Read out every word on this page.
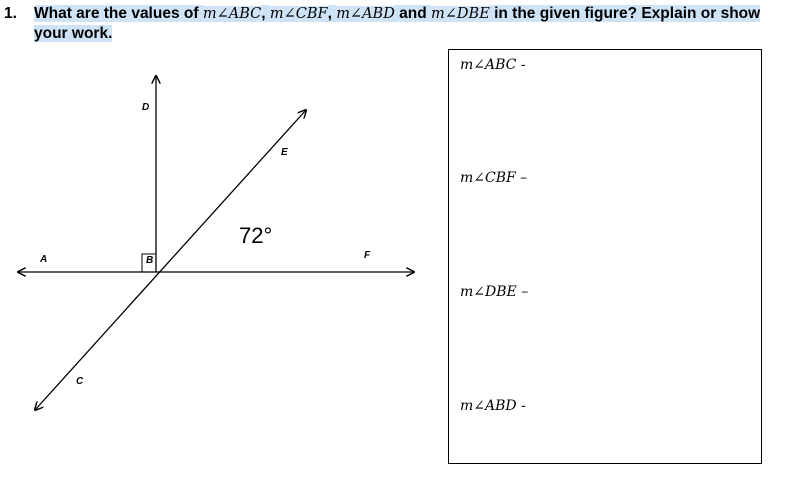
1. What are the values of m∠ABC, m∠CBF, m∠ABD and m∠DBE in the given figure? Explain or show
your work.
D
E
A	B	F
C
72°
m∠ABC -
m∠CBF –
m∠DBE –
m∠ABD -
